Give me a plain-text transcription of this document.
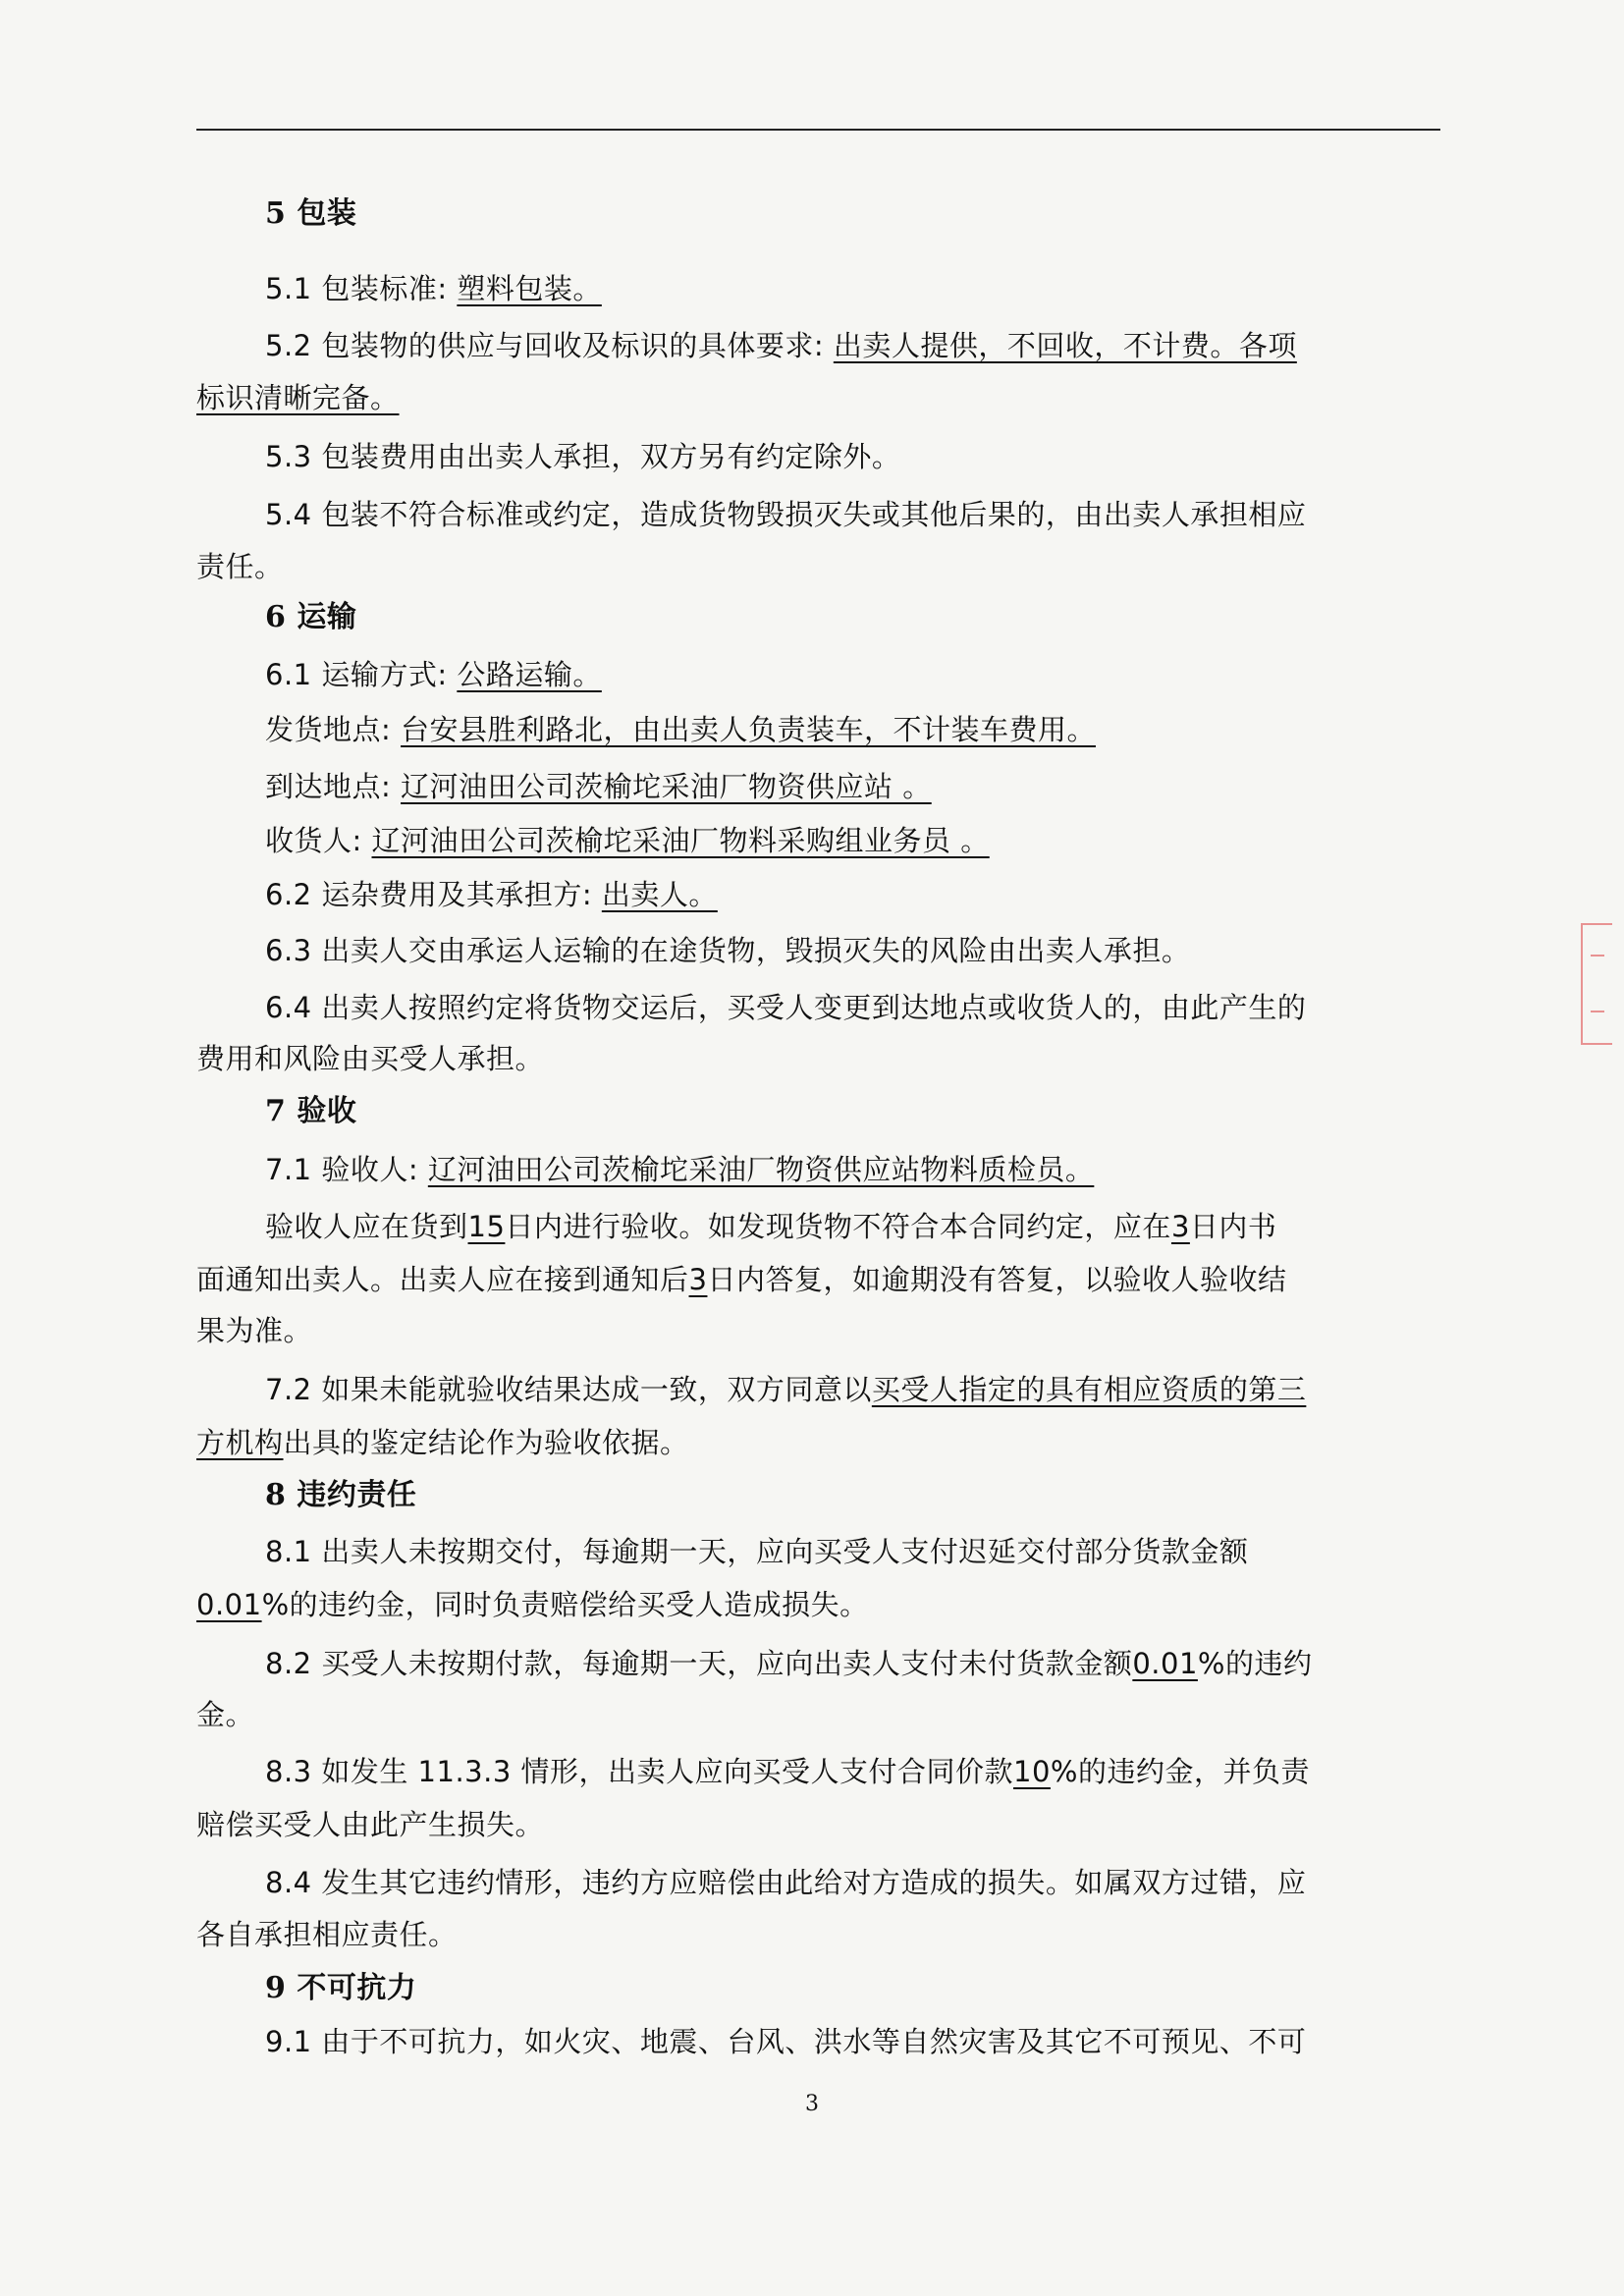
5 包装
5.1 包装标准: 塑料包装。
5.2 包装物的供应与回收及标识的具体要求: 出卖人提供，不回收，不计费。各项
标识清晰完备。
5.3 包装费用由出卖人承担，双方另有约定除外。
5.4 包装不符合标准或约定，造成货物毁损灭失或其他后果的，由出卖人承担相应
责任。
6 运输
6.1 运输方式: 公路运输。
发货地点: 台安县胜利路北，由出卖人负责装车，不计装车费用。
到达地点: 辽河油田公司茨榆坨采油厂物资供应站 。
收货人: 辽河油田公司茨榆坨采油厂物料采购组业务员 。
6.2 运杂费用及其承担方: 出卖人。
6.3 出卖人交由承运人运输的在途货物，毁损灭失的风险由出卖人承担。
6.4 出卖人按照约定将货物交运后，买受人变更到达地点或收货人的，由此产生的
费用和风险由买受人承担。
7 验收
7.1 验收人: 辽河油田公司茨榆坨采油厂物资供应站物料质检员。
验收人应在货到15日内进行验收。如发现货物不符合本合同约定，应在3日内书
面通知出卖人。出卖人应在接到通知后3日内答复，如逾期没有答复，以验收人验收结
果为准。
7.2 如果未能就验收结果达成一致，双方同意以买受人指定的具有相应资质的第三
方机构出具的鉴定结论作为验收依据。
8 违约责任
8.1 出卖人未按期交付，每逾期一天，应向买受人支付迟延交付部分货款金额
0.01%的违约金，同时负责赔偿给买受人造成损失。
8.2 买受人未按期付款，每逾期一天，应向出卖人支付未付货款金额0.01%的违约
金。
8.3 如发生 11.3.3 情形，出卖人应向买受人支付合同价款10%的违约金，并负责
赔偿买受人由此产生损失。
8.4 发生其它违约情形，违约方应赔偿由此给对方造成的损失。如属双方过错，应
各自承担相应责任。
9 不可抗力
9.1 由于不可抗力，如火灾、地震、台风、洪水等自然灾害及其它不可预见、不可
3
